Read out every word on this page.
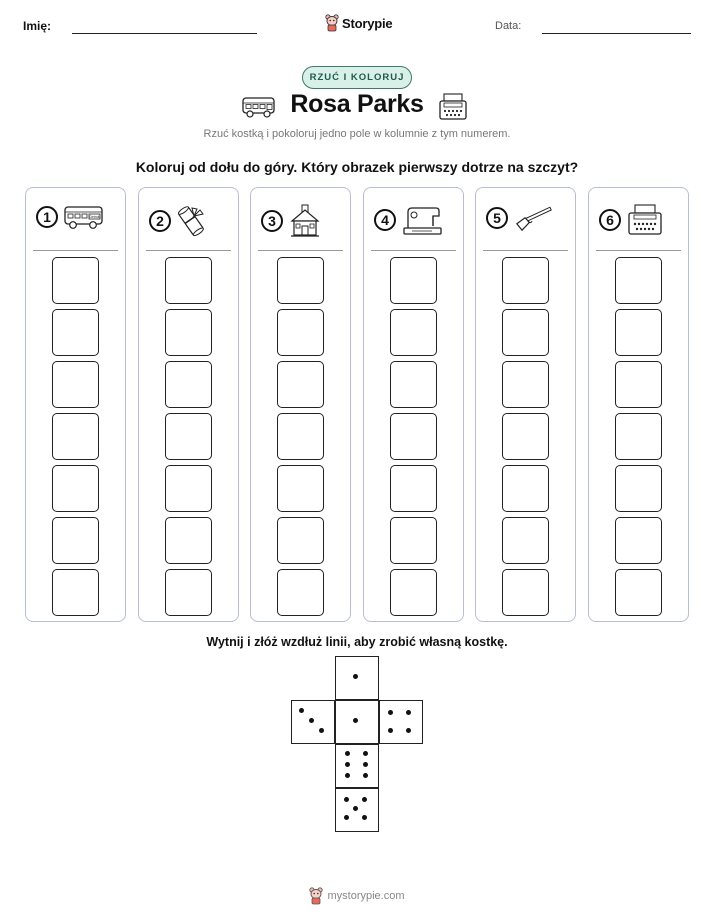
Imię:	Storypie	Data:
RZUĆ I KOLORUJ
Rosa Parks
Rzuć kostką i pokoloruj jedno pole w kolumnie z tym numerem.
Koloruj od dołu do góry. Który obrazek pierwszy dotrze na szczyt?
1	Detroit	2	3	4	5	6
Wytnij i złóż wzdłuż linii, aby zrobić własną kostkę.
mystorypie.com
